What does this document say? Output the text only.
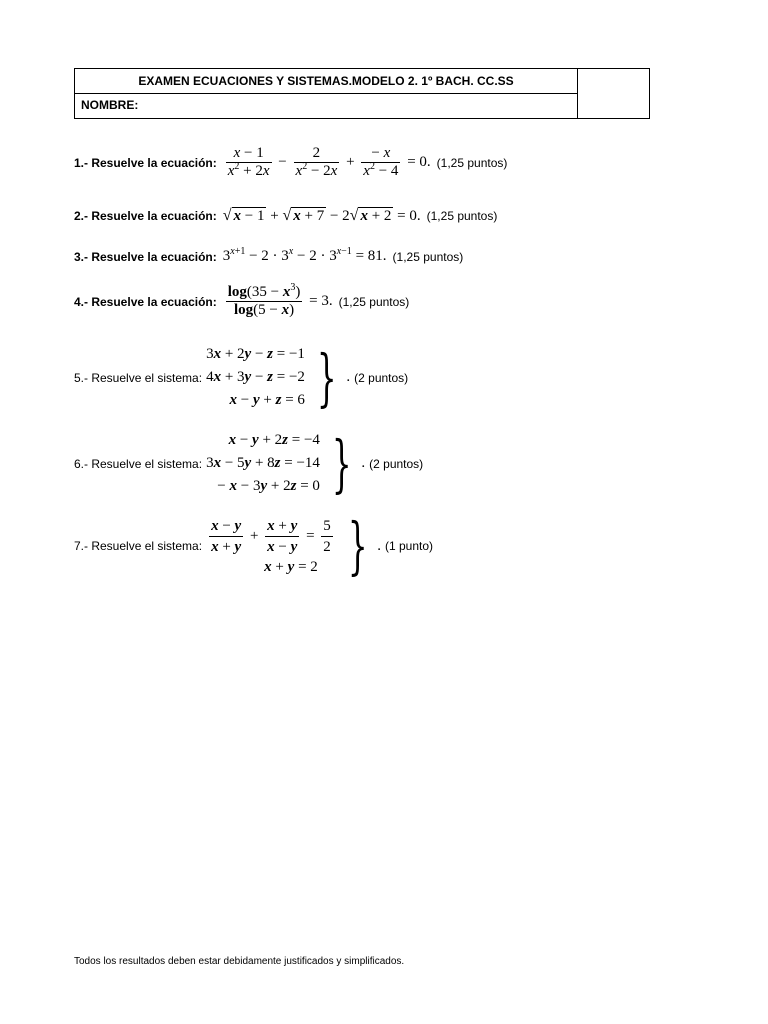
EXAMEN ECUACIONES Y SISTEMAS.MODELO 2. 1º BACH. CC.SS
NOMBRE:
1.- Resuelve la ecuación: $\frac{x - 1}{x^2 + 2x} - \frac{2}{x^2 - 2x} + \frac{- x}{x^2 - 4} = 0$. (1,25 puntos)
2.- Resuelve la ecuación: √ x − 1 + √ x + 7 − 2√ x + 2 = 0. (1,25 puntos)
3.- Resuelve la ecuación: $3^{x+1} - 2 \cdot 3^x - 2 \cdot 3^{x-1} = 81$. (1,25 puntos)
4.- Resuelve la ecuación: $\frac{\log(35 - x^3)}{\log(5 - x)} = 3$. (1,25 puntos)
5.- Resuelve el sistema:
3x + 2y − z = −1
4x + 3y − z = −2
x − y + z = 6 } . (2 puntos)
6.- Resuelve el sistema:
x − y + 2z = −4
3x − 5y + 8z = −14
− x − 3y + 2z = 0 } . (2 puntos)
7.- Resuelve el sistema: $\frac{x - y}{x + y} + \frac{x + y}{x - y} = \frac{5}{2}$
x + y = 2 } . (1 punto)
Todos los resultados deben estar debidamente justificados y simplificados.
